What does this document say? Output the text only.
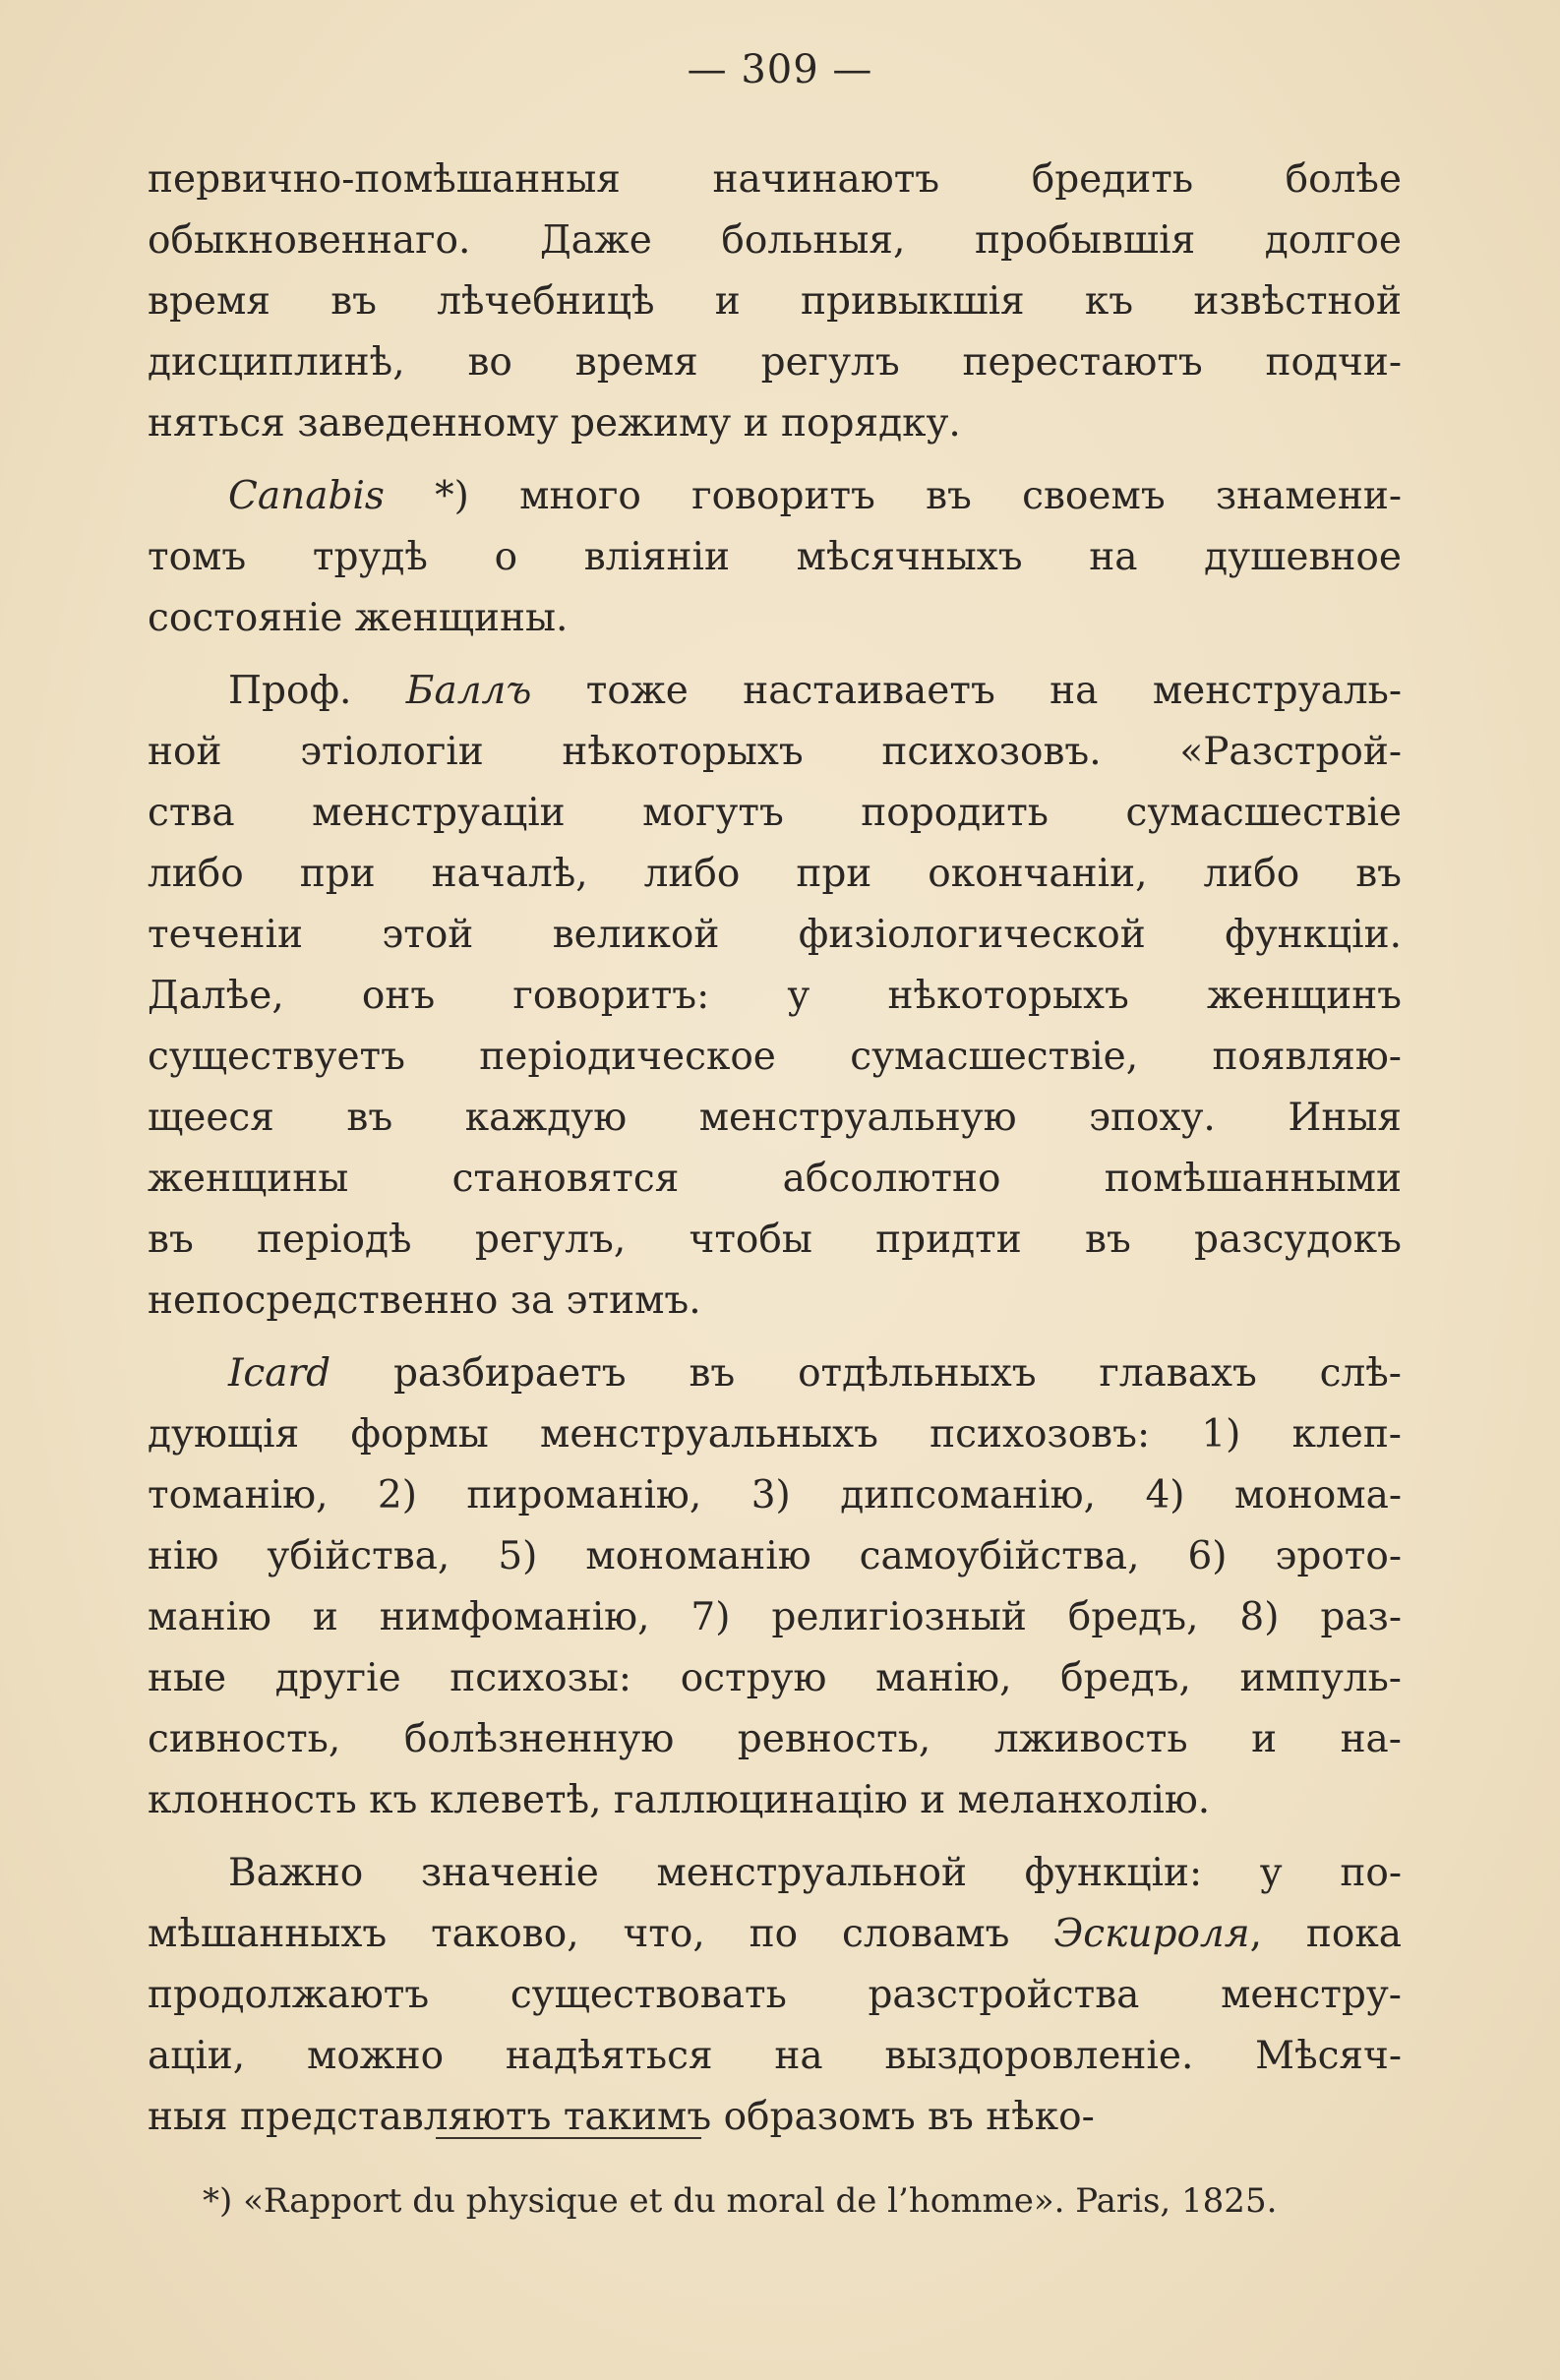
— 309 —
первично-помѣшанныя начинаютъ бредить болѣе
обыкновеннаго. Даже больныя, пробывшiя долгое
время въ лѣчебницѣ и привыкшiя къ извѣстной
дисциплинѣ, во время регулъ перестаютъ подчи-
няться заведенному режиму и порядку.
Canabis *) много говоритъ въ своемъ знамени-
томъ трудѣ о влiянiи мѣсячныхъ на душевное
состоянiе женщины.
Проф. Баллъ тоже настаиваетъ на менструаль-
ной этiологiи нѣкоторыхъ психозовъ. «Разстрой-
ства менструацiи могутъ породить сумасшествiе
либо при началѣ, либо при окончанiи, либо въ
теченiи этой великой физiологической функцiи.
Далѣе, онъ говоритъ: у нѣкоторыхъ женщинъ
существуетъ перiодическое сумасшествiе, появляю-
щееся въ каждую менструальную эпоху. Иныя
женщины становятся абсолютно помѣшанными
въ перiодѣ регулъ, чтобы придти въ разсудокъ
непосредственно за этимъ.
Icard разбираетъ въ отдѣльныхъ главахъ слѣ-
дующiя формы менструальныхъ психозовъ: 1) клеп-
томанiю, 2) пироманiю, 3) дипсоманiю, 4) монома-
нiю убiйства, 5) мономанiю самоубiйства, 6) эрото-
манiю и нимфоманiю, 7) религiозный бредъ, 8) раз-
ные другiе психозы: острую манiю, бредъ, импуль-
сивность, болѣзненную ревность, лживость и на-
клонность къ клеветѣ, галлюцинацiю и меланхолiю.
Важно значенiе менструальной функцiи: у по-
мѣшанныхъ таково, что, по словамъ Эскироля, пока
продолжаютъ существовать разстройства менстру-
ацiи, можно надѣяться на выздоровленiе. Мѣсяч-
ныя представляютъ такимъ образомъ въ нѣко-
*) «Rapport du physique et du moral de l’homme». Paris, 1825.
